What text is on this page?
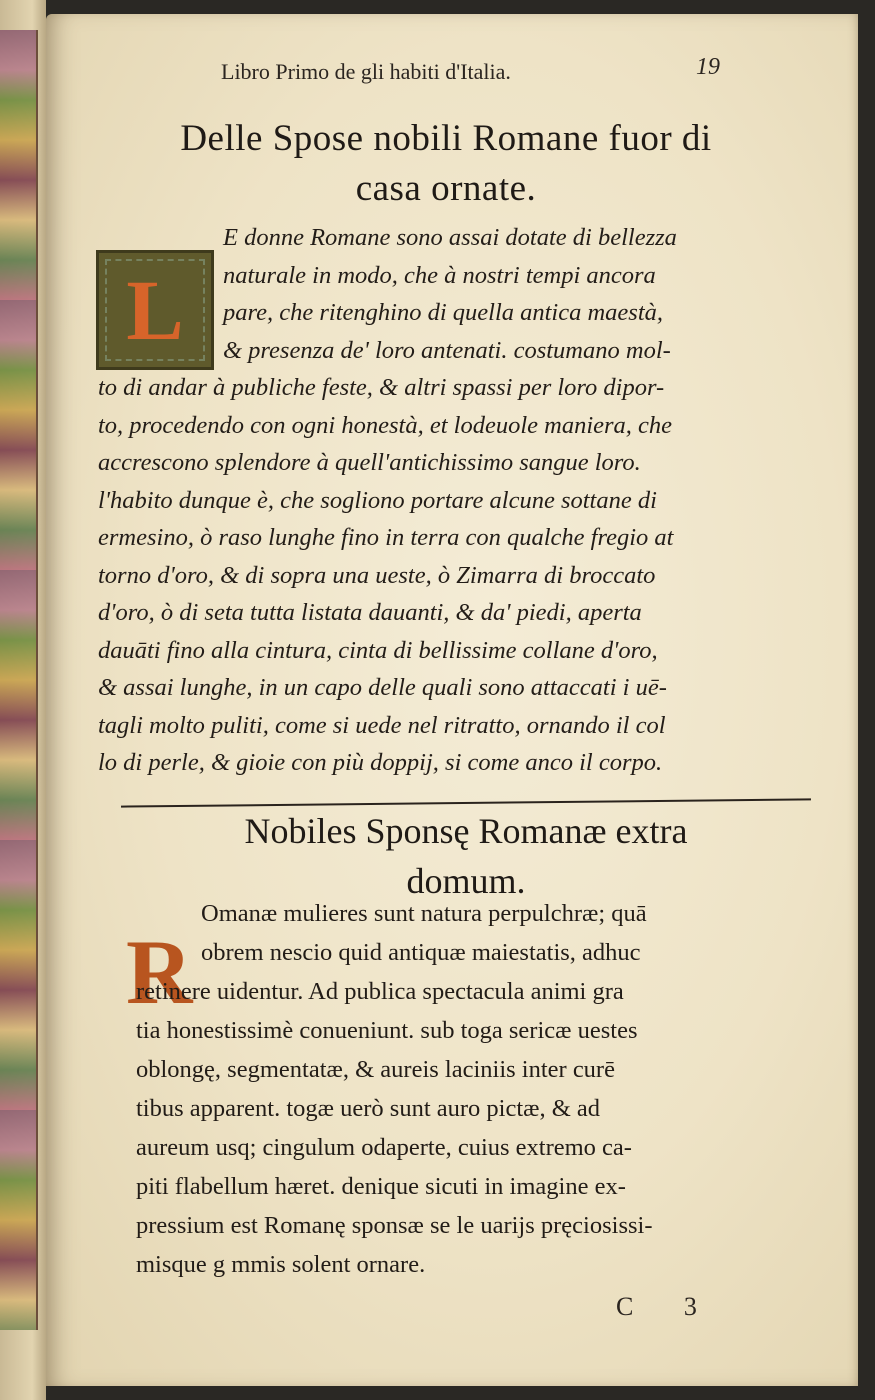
Libro Primo de gli habiti d'Italia.	19
Delle Spose nobili Romane fuor di
casa ornate.
L
E donne Romane sono assai dotate di bellezza
naturale in modo, che à nostri tempi ancora
pare, che ritenghino di quella antica maestà,
& presenza de' loro antenati. costumano mol-
to di andar à publiche feste, & altri spassi per loro dipor-
to, procedendo con ogni honestà, et lodeuole maniera, che
accrescono splendore à quell'antichissimo sangue loro.
l'habito dunque è, che sogliono portare alcune sottane di
ermesino, ò raso lunghe fino in terra con qualche fregio at
torno d'oro, & di sopra una ueste, ò Zimarra di broccato
d'oro, ò di seta tutta listata dauanti, & da' piedi, aperta
dauāti fino alla cintura, cinta di bellissime collane d'oro,
& assai lunghe, in un capo delle quali sono attaccati i uē-
tagli molto puliti, come si uede nel ritratto, ornando il col
lo di perle, & gioie con più doppij, si come anco il corpo.
Nobiles Sponsę Romanæ extra
domum.
R
Omanæ mulieres sunt natura perpulchræ; quā
obrem nescio quid antiquæ maiestatis, adhuc
retinere uidentur. Ad publica spectacula animi gra
tia honestissimè conueniunt. sub toga sericæ uestes
oblongę, segmentatæ, & aureis laciniis inter curē
tibus apparent. togæ uerò sunt auro pictæ, & ad
aureum usq; cingulum odaperte, cuius extremo ca-
piti flabellum hæret. denique sicuti in imagine ex-
pressium est Romanę sponsæ se le uarijs pręciosissi-
misque g mmis solent ornare.
C 3
